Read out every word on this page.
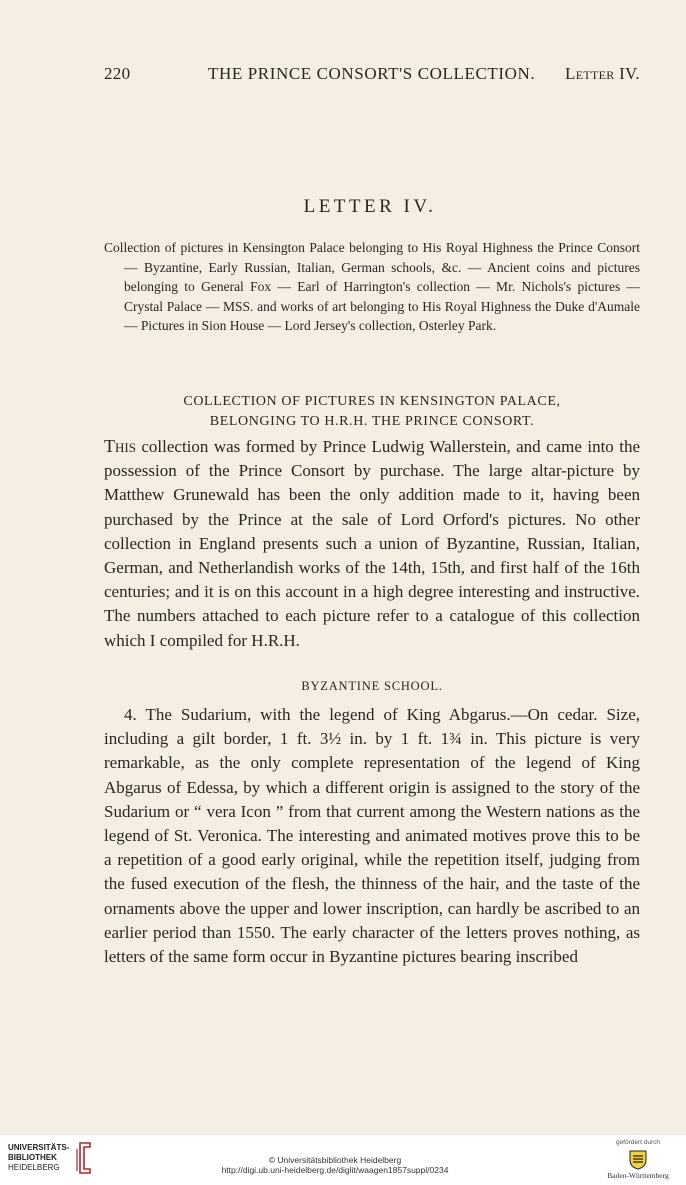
220	THE PRINCE CONSORT'S COLLECTION. Letter IV.
LETTER IV.
Collection of pictures in Kensington Palace belonging to His Royal Highness the Prince Consort — Byzantine, Early Russian, Italian, German schools, &c. — Ancient coins and pictures belonging to General Fox — Earl of Harrington's collection — Mr. Nichols's pictures — Crystal Palace — MSS. and works of art belonging to His Royal Highness the Duke d'Aumale — Pictures in Sion House — Lord Jersey's collection, Osterley Park.
COLLECTION OF PICTURES IN KENSINGTON PALACE,
BELONGING TO H.R.H. THE PRINCE CONSORT.
This collection was formed by Prince Ludwig Wallerstein, and came into the possession of the Prince Consort by purchase. The large altar-picture by Matthew Grunewald has been the only addition made to it, having been purchased by the Prince at the sale of Lord Orford's pictures. No other collection in England presents such a union of Byzantine, Russian, Italian, German, and Netherlandish works of the 14th, 15th, and first half of the 16th centuries; and it is on this account in a high degree interesting and instructive. The numbers attached to each picture refer to a catalogue of this collection which I compiled for H.R.H.
BYZANTINE SCHOOL.
4. The Sudarium, with the legend of King Abgarus.—On cedar. Size, including a gilt border, 1 ft. 3½ in. by 1 ft. 1¾ in. This picture is very remarkable, as the only complete representation of the legend of King Abgarus of Edessa, by which a different origin is assigned to the story of the Sudarium or “ vera Icon ” from that current among the Western nations as the legend of St. Veronica. The interesting and animated motives prove this to be a repetition of a good early original, while the repetition itself, judging from the fused execution of the flesh, the thinness of the hair, and the taste of the ornaments above the upper and lower inscription, can hardly be ascribed to an earlier period than 1550. The early character of the letters proves nothing, as letters of the same form occur in Byzantine pictures bearing inscribed
UNIVERSITÄTS-
BIBLIOTHEK
HEIDELBERG
© Universitätsbibliothek Heidelberg
http://digi.ub.uni-heidelberg.de/diglit/waagen1857suppl/0234
gefördert durch
Baden-Württemberg
